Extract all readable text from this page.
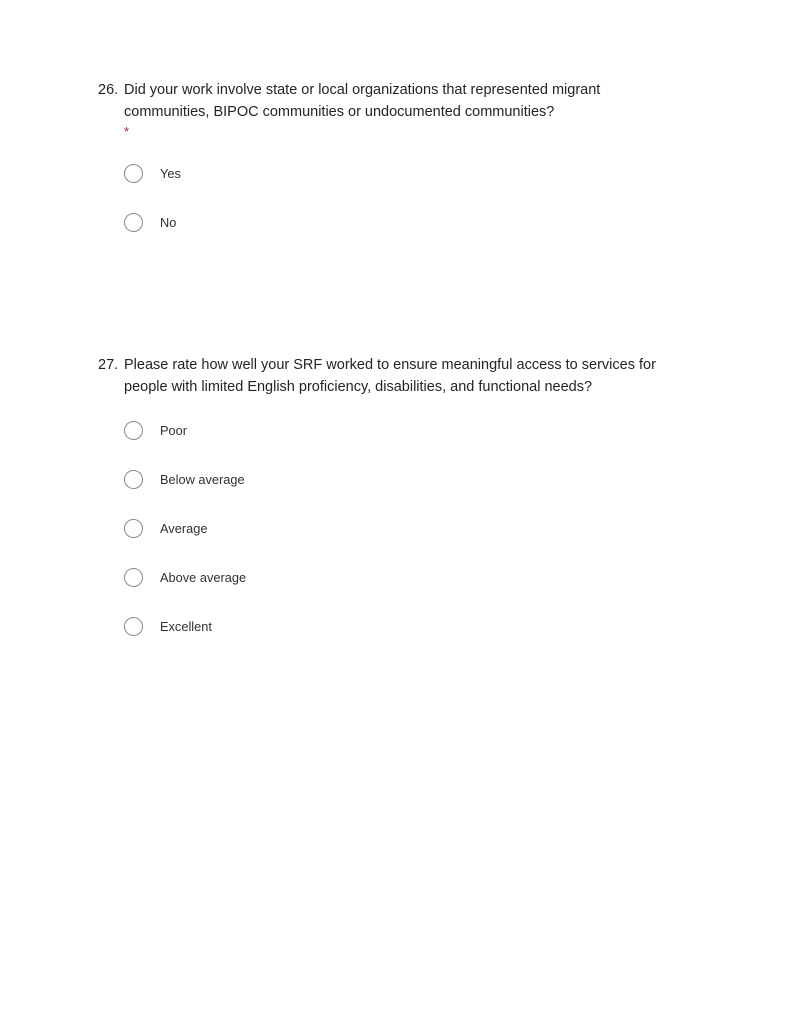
26. Did your work involve state or local organizations that represented migrant communities, BIPOC communities or undocumented communities?
*
Yes
No
27. Please rate how well your SRF worked to ensure meaningful access to services for people with limited English proficiency, disabilities, and functional needs?
Poor
Below average
Average
Above average
Excellent
